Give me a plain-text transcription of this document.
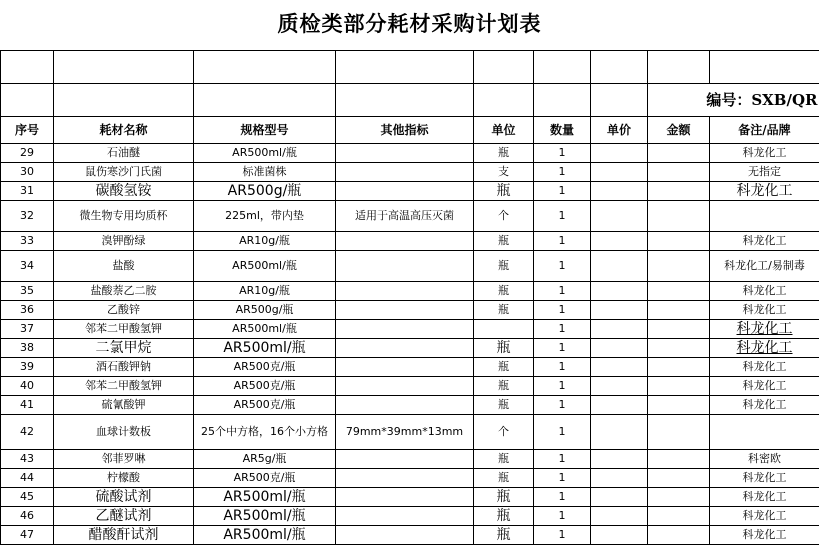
质检类部分耗材采购计划表

							编号：SXB/QR	
序号	耗材名称	规格型号	其他指标	单位	数量	单价	金额	备注/品牌
29	石油醚	AR500ml/瓶		瓶	1			科龙化工
30	鼠伤寒沙门氏菌	标准菌株		支	1			无指定
31	碳酸氢铵	AR500g/瓶		瓶	1			科龙化工
32	微生物专用均质杯	225ml，带内垫	适用于高温高压灭菌	个	1			
33	溴钾酚绿	AR10g/瓶		瓶	1			科龙化工
34	盐酸	AR500ml/瓶		瓶	1			科龙化工/易制毒
35	盐酸萘乙二胺	AR10g/瓶		瓶	1			科龙化工
36	乙酸锌	AR500g/瓶		瓶	1			科龙化工
37	邻苯二甲酸氢钾	AR500ml/瓶			1			科龙化工
38	二氯甲烷	AR500ml/瓶		瓶	1			科龙化工
39	酒石酸钾钠	AR500克/瓶		瓶	1			科龙化工
40	邻苯二甲酸氢钾	AR500克/瓶		瓶	1			科龙化工
41	硫氰酸钾	AR500克/瓶		瓶	1			科龙化工
42	血球计数板	25个中方格，16个小方格	79mm*39mm*13mm	个	1			
43	邻菲罗啉	AR5g/瓶		瓶	1			科密欧
44	柠檬酸	AR500克/瓶		瓶	1			科龙化工
45	硫酸试剂	AR500ml/瓶		瓶	1			科龙化工
46	乙醚试剂	AR500ml/瓶		瓶	1			科龙化工
47	醋酸酐试剂	AR500ml/瓶		瓶	1			科龙化工
